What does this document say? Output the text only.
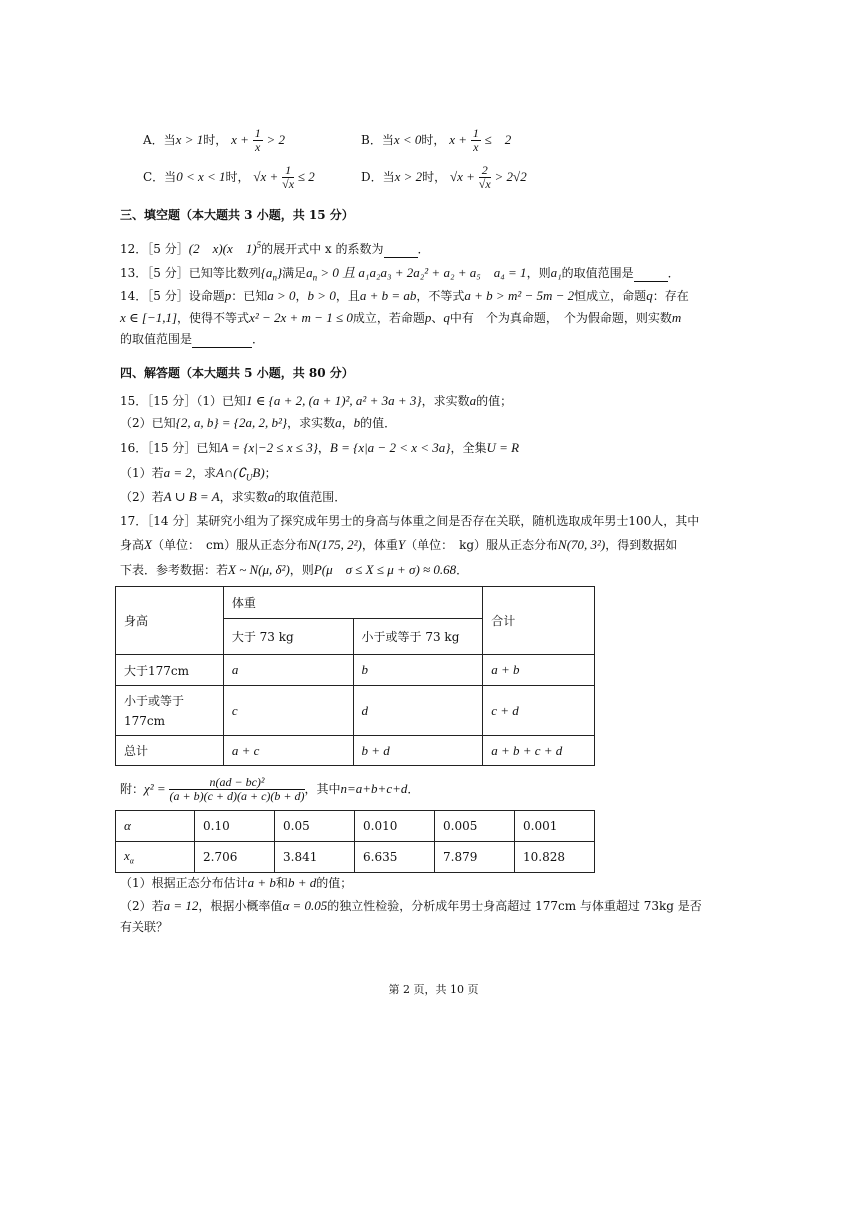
A．当x > 1时， $x + \frac{1}{x} > 2$	B．当x < 0时， $x + \frac{1}{x}$ ≤　2
C．当0 < x < 1时， $√x + \frac{1}{√x} \le 2$	D．当x > 2时， $√x + \frac{2}{√x} > 2√2$
三、填空题（本大题共 3 小题，共 15 分）
12．［5 分］(2　x)(x　1)$^5$的展开式中 x 的系数为	．
13．［5 分］已知等比数列$\{a_n\}$满足$a_n > 0$ 且 a₁a₂a₃ + 2a₂² + a₂ + a₅　a₄ = 1，则a₁的取值范围是	．
14．［5 分］设命题p：已知a > 0，b > 0，且a + b = ab，不等式a + b > m² − 5m − 2恒成立，命题q：存在
x ∈ [−1,1]，使得不等式x² − 2x + m − 1 ≤ 0成立，若命题p、q中有　个为真命题，　个为假命题，则实数m
的取值范围是	．
四、解答题（本大题共 5 小题，共 80 分）
15．［15 分］（1）已知1 ∈ {a + 2, (a + 1)², a² + 3a + 3}，求实数a的值；
（2）已知{2, a, b} = {2a, 2, b²}，求实数a，b的值．
16．［15 分］已知A = {x|−2 ≤ x ≤ 3}，B = {x|a − 2 < x < 3a}，全集U = R
（1）若a = 2，求$A\cap(∁_UB)$；
（2）若A ∪ B = A，求实数a的取值范围．
17．［14 分］某研究小组为了探究成年男士的身高与体重之间是否存在关联，随机选取成年男士100人，其中
身高X（单位：　cm）服从正态分布N(175, 2²)，体重Y（单位：　kg）服从正态分布N(70, 3²)，得到数据如
下表．参考数据：若X ~ N(μ, δ²)，则P(μ　σ ≤ X ≤ μ + σ) ≈ 0.68．
身高	体重		合计
	大于 73 kg	小于或等于 73 kg	
大于177cm	a	b	a + b
小于或等于
177cm	c	d	c + d
总计	a + c	b + d	a + b + c + d
附：$\chi^2 = \frac{\text{n(ad − bc)²}}{(a + b)(c + d)(a + c)(b + d)}$ ，其中n=a+b+c+d．
α	0.10	0.05	0.010	0.005	0.001
$x_\alpha$	2.706	3.841	6.635	7.879	10.828
（1）根据正态分布估计a + b和b + d的值；
（2）若a = 12，根据小概率值α = 0.05的独立性检验，分析成年男士身高超过 177cm 与体重超过 73kg 是否
有关联？
第 2 页，共 10 页
